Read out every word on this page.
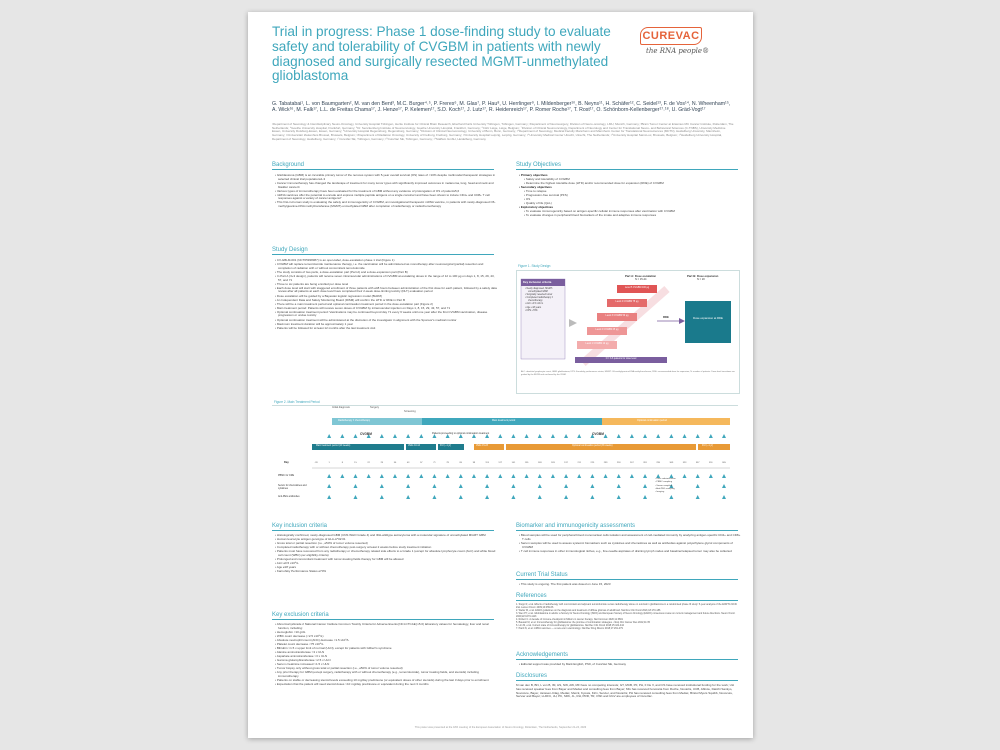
Trial in progress: Phase 1 dose-finding study to evaluate safety and tolerability of CVGBM in patients with newly diagnosed and surgically resected MGMT-unmethylated glioblastoma
CUREVAC
the RNA people®
G. Tabatabai¹, L. von Baumgarten², M. van den Bent³, M.C. Burger⁴˒⁵, P. Freres⁶, M. Glas⁷, P. Hau⁸, U. Herrlinger⁹, I. Mildenberger¹⁰, B. Neyns¹¹, H. Schäfer¹², C. Seidel¹³, F. de Vos¹⁴, N. Wheenham¹⁵, A. Wick¹⁶, M. Falk¹⁷, L.L. de Freitas Chama¹⁷, J. Henze¹⁷, P. Kelemen¹⁷, S.D. Koch¹⁷, J. Lutz¹⁷, R. Heidenreich¹⁷, P. Romer Roche¹⁷, T. Rost¹⁷, O. Schönborn-Kellenberger¹⁷˒¹⁸, U. Gräd-Vogt¹⁷
¹Department of Neurology & Interdisciplinary Neuro-Oncology, University Hospital Tübingen, Hertie Institute for Clinical Brain Research, Eberhard Karls University Tübingen, Tübingen, Germany; ²Department of Neurosurgery, Division of Neuro-oncology, LMU, Munich, Germany; ³Brain Tumor Center at Erasmus MC Cancer Institute, Rotterdam, The Netherlands; ⁴Goethe University Hospital, Frankfurt, Germany; ⁵Dr. Senckenberg Institute of Neurooncology, Goethe University Hospital, Frankfurt, Germany; ⁶CHU Liège, Liège, Belgium; ⁷Division of Clinical Neurooncology, Department of Neurology and Center for Translational Neuro- and Behavioral Sciences (C-TNBS), University Medicine Essen, University Duisburg-Essen, Essen, Germany; ⁸University Hospital Regensburg, Regensburg, Germany; ⁹Division of Clinical Neurooncology, University of Bonn, Bonn, Germany; ¹⁰Department of Neurology, Medical Faculty Mannheim and Mannheim Center for Translational Neurosciences (MCTN), Heidelberg University, Mannheim, Germany; ¹¹Universitair Ziekenhuis Brussel, Brussels, Belgium; ¹²Department of Radiation Oncology, University of Freiburg, Freiburg, Germany; ¹³University Hospital Leipzig, Leipzig, Germany; ¹⁴University Medical Center Utrecht, Utrecht, The Netherlands; ¹⁵University Hospital Saint-Luc, Brussels, Belgium; ¹⁶Heidelberg University Hospital, Department of Neurology, Heidelberg, Germany; ¹⁷CureVac SE, Tübingen, Germany; ¹⁸CureVac SE, Tübingen, Germany; ¹⁹Staffam GmbH, Heidelberg, Germany
Background
• Glioblastoma (GBM) is an incurable primary tumor of the nervous system with 5-year overall survival (OS) rates of <10% despite multimodal therapeutic strategies in selected clinical trial populations1-3
• Cancer immunotherapy has changed the landscape of treatment for many tumor types with significantly improved outcomes in melanoma, lung, head and neck and bladder cancer4
• Various types of immunotherapy have been evaluated for the treatment of GBM without any evidence of prolongation of OS of patients5,6
• mRNA vaccines offer the potential to encode and express multiple peptide antigens on a single construct and have been shown to induce CD4+ and CD8+ T cell responses against a variety of cancer antigens7
• This first-in-human study is evaluating the safety and immunogenicity of CVGBM, an investigational therapeutic mRNA vaccine, in patients with newly-diagnosed O6-methylguanine-DNA methyltransferase (MGMT)-unmethylated GBM after completion of radiotherapy or radiochemotherapy
Study Objectives
• Primary objectives
• Safety and tolerability of CVGBM
• Determine the highest tolerable dose (HTD) and/or recommended dose for expansion (RDE) of CVGBM
• Secondary objectives
• Time to relapse
• Progression-free survival (PFS)
• OS
• Quality of life (QoL)
• Exploratory objectives
• To evaluate immunogenicity based on antigen-specific cellular immune responses after vaccination with CVGBM
• To evaluate changes in peripheral blood biomarkers of the innate and adaptive immune responses
Study Design
• CV-GBLM-001 (NCT05938387) is an open-label, dose-escalation phase 1 trial (Figure 1)
• CVGBM will replace temozolomide maintenance therapy, i.e. the vaccination will be administered as monotherapy after neurosurgical (partial) resection and completion of radiation with or without concomitant temozolomide
• The study consists of two parts, a dose-escalation part (Part A) and a dose-expansion part (Part B)
• In Part A (3+3 design), patients will receive seven intramuscular administrations of CVGBM at escalating doses in the range of 12 to 100 µg on days 1, 8, 15, 29, 43, 57, and 71
• Three to six patients are being enrolled per dose level
• Each dose level will start with staggered enrollment of three patients with ≥48 hours between administration of the first dose for each patient, followed by a safety data review after all patients at each dose level have completed their 2-week dose-limiting toxicity (DLT) evaluation period
• Dose escalation will be guided by a Bayesian logistic regression model (BLRM)
• An Independent Data and Safety Monitoring Board (IDSM) will confirm the HTD or RDE in Part B
• There will be a main treatment period and optional continuation treatment period in the dose escalation part (Figure 2)
• Main treatment period: Patients will receive seven doses of CVGBM by intramuscular injection on Days 1, 8, 15, 29, 43, 57, and 71
• Optional continuation treatment period: Vaccinations may be continued beyond day 71 every 6 weeks until one year after the first CVGBM vaccination, disease progression or undue toxicity
• Optional continuation treatment will be administered at the discretion of the investigator in alignment with the Sponsor's medical monitor
• Maximum treatment duration will be approximately 1 year
• Patients will be followed for at least 12 months after the last treatment visit
Figure 1. Study Design
Key inclusion criteria
• Newly diagnosed, MGMT-unmethylated GBM
• Surgically resected tumor
• Completed radiotherapy ± chemotherapy
• ALC ≥0.5 x10⁹/L
• Age ≥18 years
• KPS ≥70%
Part A: Dose escalation
N = 15-24
Part B: Dose expansion
N = 20
Level 5 CVGBM 100 µg
Level 4 CVGBM 75 µg
Level 3 CVGBM 50 µg
Level 2 CVGBM 25 µg
Level 1 CVGBM 12 µg
RDE	Dose expansion at RDE
N = 3-6 patients for dose level
ALC: absolute lymphocyte count; GBM: glioblastoma; KPS: Karnofsky performance status; MGMT: O6-methylguanine-DNA methyltransferase; RDE: recommended dose for expansion; N: number of patients. Dose-level transitions are guided by the BLRM and confirmed by the IDSM.
Figure 2. Main Treatment Period
Initial diagnosis	Surgery
Radiotherapy ± chemotherapy
Screening
Main treatment period	Optional continuation period
CVGBM	Patients proceeding to optional continuation treatment	CVGBM
Main treatment period (10 weeks)	Visits 10-14	F/U (~1 yr)	Visits 15-23	Optional continuation period (36 weeks)	F/U (~1 yr)
Day	-28	1	8	15	22	29	36	43	57	71	78	85	99	113	127	141	155	169	183	197	211	225	239	253	267	281	295	309	323	337	351	365
PBMC for CRE
Serum for chemokines and cytokines
Anti-PEG antibodies
• Dose administration
• PBMC sampling
• Serum sampling
• Anti-PEG sampling
• Imaging
Key inclusion criteria
• Histologically confirmed, newly-diagnosed GBM (CNS WHO Grade 4) and IDH-wildtype astrocytoma with a molecular signature of unmethylated MGMT GBM
• Human leucocyte antigen genotype of HLA-A*02:01
• Gross total or partial resection (i.e., ≥50% of tumor volume resected)
• Completed radiotherapy with or without chemotherapy post-surgery at least 2 weeks before study treatment initiation
• Patients must have recovered from any radiotherapy or chemotherapy related side effects to ≤ Grade 1 (except for absolute lymphocyte count (ALC) and white blood cell count (WBC) per eligibility criteria)
• Prolonged and concomitant treatment with tumor-treating fields therapy for GBM will be allowed
• ALC ≥0.5 x10⁹/L
• Age ≥18 years
• Karnofsky Performance Status ≥70%
Key exclusion criteria
• Abnormal (≥Grade 2 National Cancer Institute Common Toxicity Criteria for Adverse Events [NCI-CTCAE] v5.0) laboratory values for hematology, liver and renal function, including:
• Hemoglobin <10 g/dL
• WBC count decrease (<2.5 x10⁹/L)
• Absolute neutrophil count (ANC) decrease <1.5 x10⁹/L
• Platelet count decrease <75 x10⁹/L
• Bilirubin >1.5 x upper limit of normal (ULN), except for patients with Gilbert's syndrome
• Alanine aminotransferase >3 x ULN
• Aspartate aminotransferase >3 x ULN
• Gamma glutamyltransferase >2.5 x ULN
• Serum creatinine increased >1.5 x ULN
• Tumor biopsy only without gross total or partial resection (i.e., ≥50% of tumor volume resected)
• Any prior therapy for GBM (except surgery, radiotherapy with or without chemotherapy (e.g., temozolomide), tumor treating fields, and steroids) including immunotherapy
• Patients on stable or decreasing steroid levels exceeding 10 mg/day prednisone (or equivalent doses of other steroids) during the last 3 days prior to enrollment
• Expectation that the patient will need steroid doses >10 mg/day prednisone or equivalent during the next 3 months
Biomarker and immunogenicity assessments
• Blood samples will be used for peripheral blood mononuclear cells isolation and assessment of cell-mediated immunity by analyzing antigen-specific CD4+ and CD8+ T cells
• Serum samples will be used to assess systemic biomarkers such as cytokines and chemokines as well as antibodies against polyethylene glycol components of CVGBM
• T cell immune responses in other immunological niches, e.g., fine-needle aspirates of draining lymph nodes and baseline/relapsed tumor may also be collected
Current Trial Status
• This study is ongoing. The first patient was dosed on June 15, 2023
References
1. Stupp R, et al. Effects of radiotherapy with concomitant and adjuvant temozolomide versus radiotherapy alone on survival in glioblastoma in a randomised phase III study: 5-year analysis of the EORTC-NCIC trial. Lancet Oncol. 2009;10:459-66
2. Weller M, et al. EANO guidelines on the diagnosis and treatment of diffuse gliomas of adulthood. Nat Rev Clin Oncol 2021;18:170-186
3. Wen PY, et al. Glioblastoma in adults: a Society for Neuro-Oncology (SNO) and European Society of Neuro-Oncology (EANO) consensus review on current management and future directions. Neuro Oncol. 2020;22:1073-1113
4. Robert C. A decade of immune-checkpoint inhibitors in cancer therapy. Nat Commun 2020;11:3801
5. Bausart M, et al. Immunotherapy for glioblastoma: the promise of combination strategies. J Exp Clin Cancer Res 2022;41:35
6. Lim M, et al. Current state of immunotherapy for glioblastoma. Nat Rev Clin Oncol 2018;15:422-442
7. Pardi N, et al. mRNA vaccines — a new era in vaccinology. Nat Rev Drug Discov 2018;17:261-279
Acknowledgements
• Editorial support was provided by Mark English, PhD, of CureVac SE, Germany
Disclosures

M van den B, BN, L von B, IM, HS, NW, AW, MF have no competing interests; GT, MCB, PF, PH, F De V, and CS have received institutional funding for the work; UH has received speaker fees from Bayer and Medac and consulting fees from Bayer; MG has received honoraria from Roche, Novartis, UCB, Abbvie, Daiichi Sankyo, Novocure, Bayer, Janssen-Cilag, Medac, Merck, Kyowa, Kirin, Servier, and Novartis; PH has received consulting fees from Medac, Bristol Myers Squibb, Novocure, Servier and Bayer; LLDFC, JH, PK, SDK, JL, RH, PRR, TR, OSK and UGV are employees of CureVac.

This poster was presented at the 18th meeting of the European Association of Neuro-Oncology, Rotterdam, The Netherlands, September 21-24, 2023
